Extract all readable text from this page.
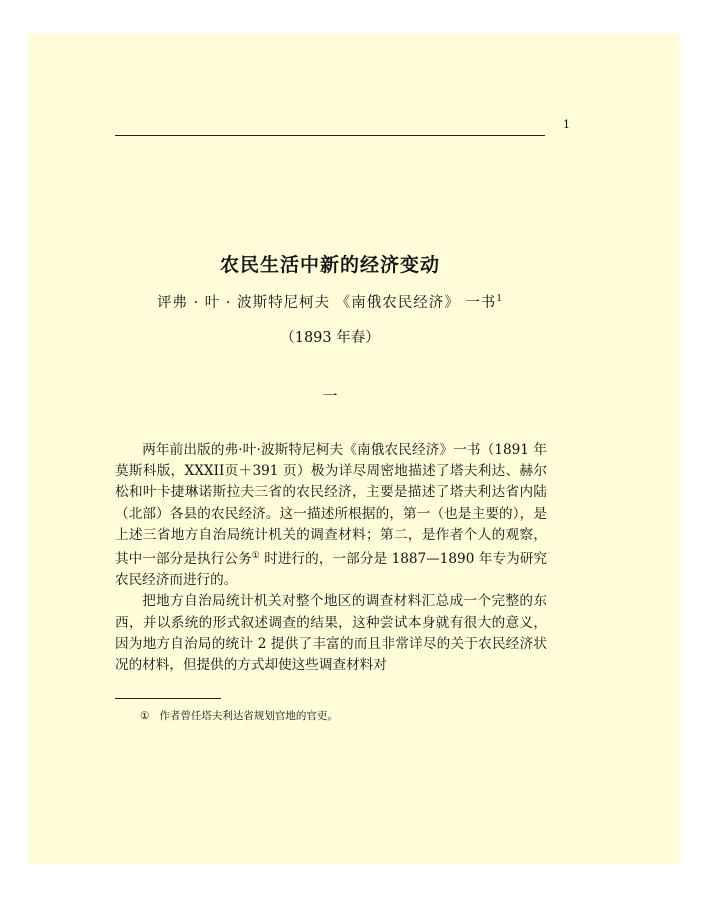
1
农民生活中新的经济变动
评弗 · 叶 · 波斯特尼柯夫 《南俄农民经济》 一书$^1$
（1893 年春）
一

两年前出版的弗·叶·波斯特尼柯夫《南俄农民经济》一书（1891 年莫斯科版，XXXII页＋391 页）极为详尽周密地描述了塔夫利达、赫尔松和叶卡捷琳诺斯拉夫三省的农民经济，主要是描述了塔夫利达省内陆（北部）各县的农民经济。这一描述所根据的，第一（也是主要的），是上述三省地方自治局统计机关的调查材料；第二，是作者个人的观察，其中一部分是执行公务① 时进行的，一部分是 1887—1890 年专为研究农民经济而进行的。

把地方自治局统计机关对整个地区的调查材料汇总成一个完整的东西，并以系统的形式叙述调查的结果，这种尝试本身就有很大的意义，因为地方自治局的统计 2 提供了丰富的而且非常详尽的关于农民经济状况的材料，但提供的方式却使这些调查材料对

① 作者曾任塔夫利达省规划官地的官吏。
